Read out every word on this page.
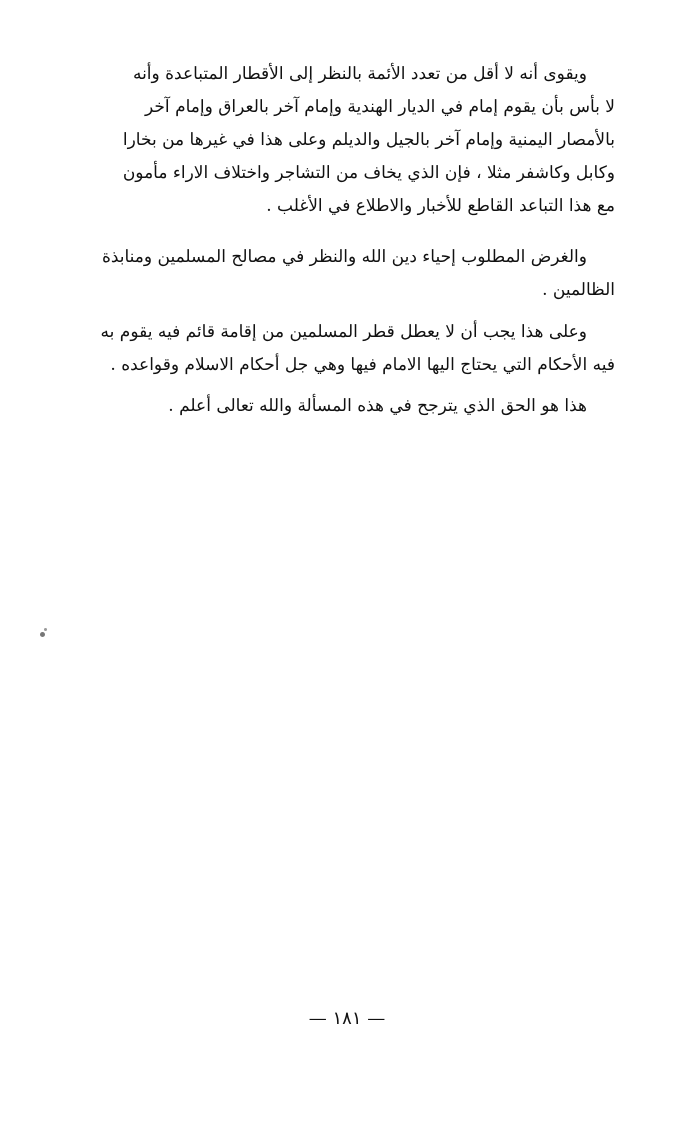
ويقوى أنه لا أقل من تعدد الأئمة بالنظر إلى الأقطار المتباعدة وأنه
لا بأس بأن يقوم إمام في الديار الهندية وإمام آخر بالعراق وإمام آخر
بالأمصار اليمنية وإمام آخر بالجيل والديلم وعلى هذا في غيرها من بخارا
وكابل وكاشفر مثلا ، فإن الذي يخاف من التشاجر واختلاف الاراء مأمون
مع هذا التباعد القاطع للأخبار والاطلاع في الأغلب .
والغرض المطلوب إحياء دين الله والنظر في مصالح المسلمين ومنابذة
الظالمين .
وعلى هذا يجب أن لا يعطل قطر المسلمين من إقامة قائم فيه يقوم به
فيه الأحكام التي يحتاج اليها الامام فيها وهي جل أحكام الاسلام وقواعده .
هذا هو الحق الذي يترجح في هذه المسألة والله تعالى أعلم .
— ١٨١ —
